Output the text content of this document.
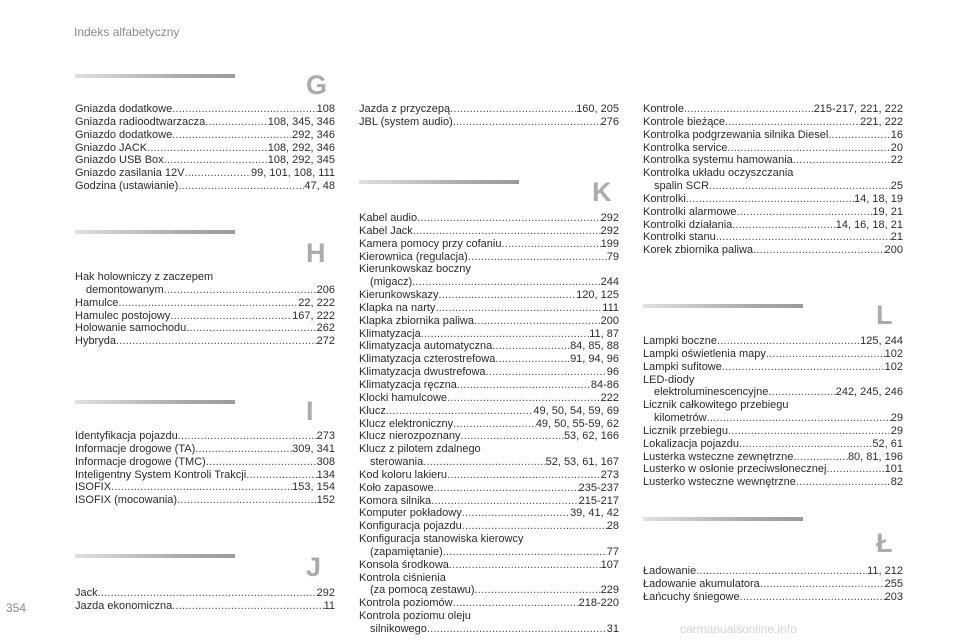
Indeks alfabetyczny
G
Gniazda dodatkowe .....	108
Gniazda radioodtwarzacza .....	108, 345, 346
Gniazdo dodatkowe .....	292, 346
Gniazdo JACK .....	108, 292, 346
Gniazdo USB Box .....	108, 292, 345
Gniazdo zasilania 12V .....	99, 101, 108, 111
Godzina (ustawianie) .....	47, 48
H
Hak holowniczy z zaczepem
demontowanym .....	206
Hamulce .....	22, 222
Hamulec postojowy .....	167, 222
Holowanie samochodu .....	262
Hybryda .....	272
I
Identyfikacja pojazdu .....	273
Informacje drogowe (TA) .....	309, 341
Informacje drogowe (TMC) .....	308
Inteligentny System Kontroli Trakcji .....	134
ISOFIX .....	153, 154
ISOFIX (mocowania) .....	152
J
Jack .....	292
Jazda ekonomiczna .....	11
Jazda z przyczepą .....	160, 205
JBL (system audio) .....	276
K
Kabel audio .....	292
Kabel Jack .....	292
Kamera pomocy przy cofaniu .....	199
Kierownica (regulacja) .....	79
Kierunkowskaz boczny
(migacz) .....	244
Kierunkowskazy .....	120, 125
Klapka na narty .....	111
Klapka zbiornika paliwa .....	200
Klimatyzacja .....	11, 87
Klimatyzacja automatyczna .....	84, 85, 88
Klimatyzacja czterostrefowa .....	91, 94, 96
Klimatyzacja dwustrefowa .....	96
Klimatyzacja ręczna .....	84-86
Klocki hamulcowe .....	222
Klucz .....	49, 50, 54, 59, 69
Klucz elektroniczny .....	49, 50, 55-59, 62
Klucz nierozpoznany .....	53, 62, 166
Klucz z pilotem zdalnego
sterowania .....	52, 53, 61, 167
Kod koloru lakieru .....	273
Koło zapasowe .....	235-237
Komora silnika .....	215-217
Komputer pokładowy .....	39, 41, 42
Konfiguracja pojazdu .....	28
Konfiguracja stanowiska kierowcy
(zapamiętanie) .....	77
Konsola środkowa .....	107
Kontrola ciśnienia
(za pomocą zestawu) .....	229
Kontrola poziomów .....	218-220
Kontrola poziomu oleju
silnikowego .....	31
Kontrole .....	215-217, 221, 222
Kontrole bieżące .....	221, 222
Kontrolka podgrzewania silnika Diesel .....	16
Kontrolka service .....	20
Kontrolka systemu hamowania .....	22
Kontrolka układu oczyszczania
spalin SCR .....	25
Kontrolki .....	14, 18, 19
Kontrolki alarmowe .....	19, 21
Kontrolki działania .....	14, 16, 18, 21
Kontrolki stanu .....	21
Korek zbiornika paliwa .....	200
L
Lampki boczne .....	125, 244
Lampki oświetlenia mapy .....	102
Lampki sufitowe .....	102
LED-diody
elektroluminescencyjne .....	242, 245, 246
Licznik całkowitego przebiegu
kilometrów .....	29
Licznik przebiegu .....	29
Lokalizacja pojazdu .....	52, 61
Lusterka wsteczne zewnętrzne .....	80, 81, 196
Lusterko w osłonie przeciwsłonecznej .....	101
Lusterko wsteczne wewnętrzne .....	82
Ł
Ładowanie .....	11, 212
Ładowanie akumulatora .....	255
Łańcuchy śniegowe .....	203
354
carmanualsonline.info
